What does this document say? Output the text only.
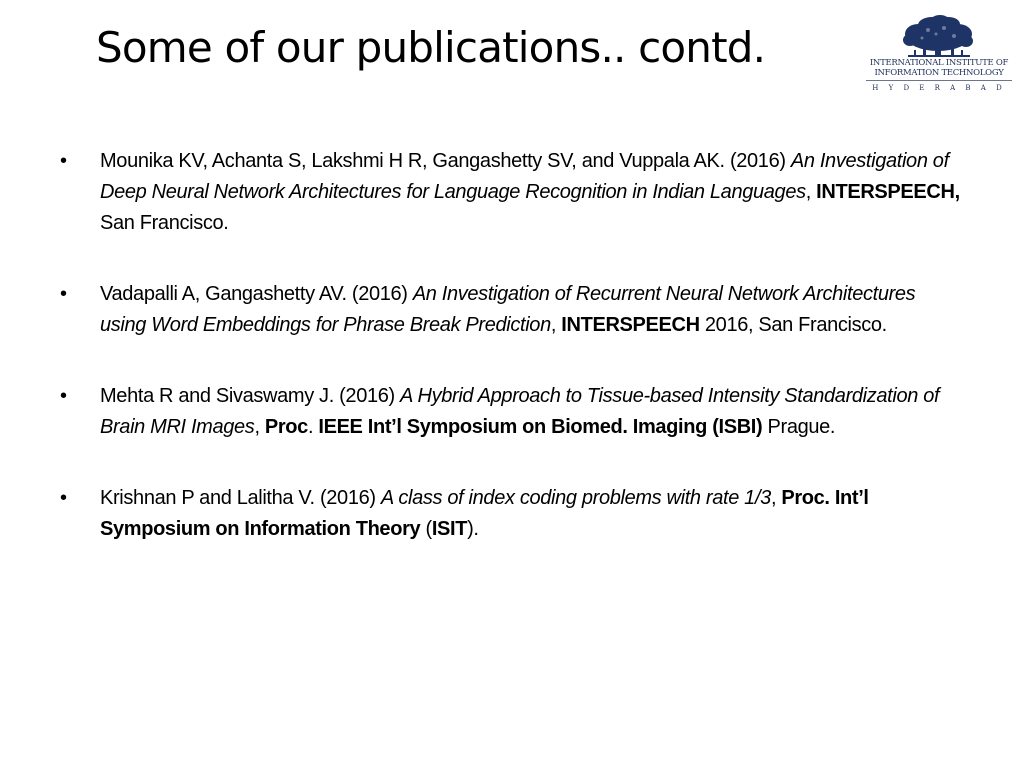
Some of our publications.. contd.	INTERNATIONAL INSTITUTE OF
INFORMATION TECHNOLOGY
H Y D E R A B A D
•	Mounika KV, Achanta S, Lakshmi H R, Gangashetty SV, and Vuppala AK. (2016) An Investigation of Deep Neural Network Architectures for Language Recognition in Indian Languages, INTERSPEECH, San Francisco.
•	Vadapalli A, Gangashetty AV. (2016) An Investigation of Recurrent Neural Network Architectures using Word Embeddings for Phrase Break Prediction, INTERSPEECH 2016, San Francisco.
•	Mehta R and Sivaswamy J. (2016) A Hybrid Approach to Tissue-based Intensity Standardization of Brain MRI Images, Proc. IEEE Int’l Symposium on Biomed. Imaging (ISBI) Prague.
•	Krishnan P and Lalitha V. (2016) A class of index coding problems with rate 1/3, Proc. Int’l Symposium on Information Theory (ISIT).
